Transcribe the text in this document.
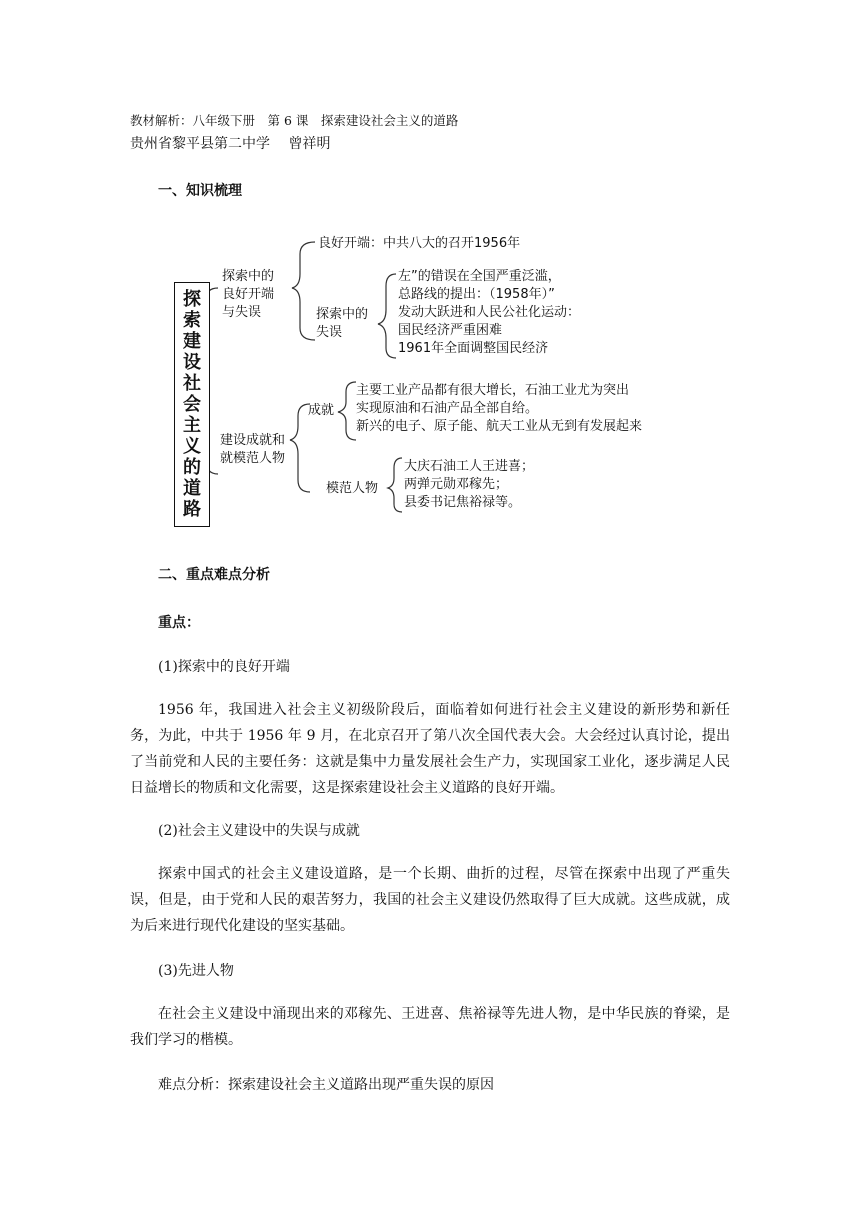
教材解析：八年级下册　第 6 课　探索建设社会主义的道路
贵州省黎平县第二中学　 曾祥明
一、知识梳理
探
索
建
设
社
会
主
义
的
道
路
探索中的
良好开端
与失误
良好开端：中共八大的召开1956年
探索中的
失误
左”的错误在全国严重泛滥，
总路线的提出：（1958年）”
发动大跃进和人民公社化运动：
国民经济严重困难
1961年全面调整国民经济
建设成就和
就模范人物
成就
主要工业产品都有很大增长，石油工业尤为突出
实现原油和石油产品全部自给。
新兴的电子、原子能、航天工业从无到有发展起来
模范人物
大庆石油工人王进喜；
两弹元勋邓稼先；
县委书记焦裕禄等。
二、重点难点分析
重点：
(1)探索中的良好开端

1956 年，我国进入社会主义初级阶段后，面临着如何进行社会主义建设的新形势和新任务，为此，中共于 1956 年 9 月，在北京召开了第八次全国代表大会。大会经过认真讨论，提出了当前党和人民的主要任务：这就是集中力量发展社会生产力，实现国家工业化，逐步满足人民日益增长的物质和文化需要，这是探索建设社会主义道路的良好开端。

(2)社会主义建设中的失误与成就

探索中国式的社会主义建设道路，是一个长期、曲折的过程，尽管在探索中出现了严重失误，但是，由于党和人民的艰苦努力，我国的社会主义建设仍然取得了巨大成就。这些成就，成为后来进行现代化建设的坚实基础。

(3)先进人物

在社会主义建设中涌现出来的邓稼先、王进喜、焦裕禄等先进人物，是中华民族的脊梁，是我们学习的楷模。

难点分析：探索建设社会主义道路出现严重失误的原因
